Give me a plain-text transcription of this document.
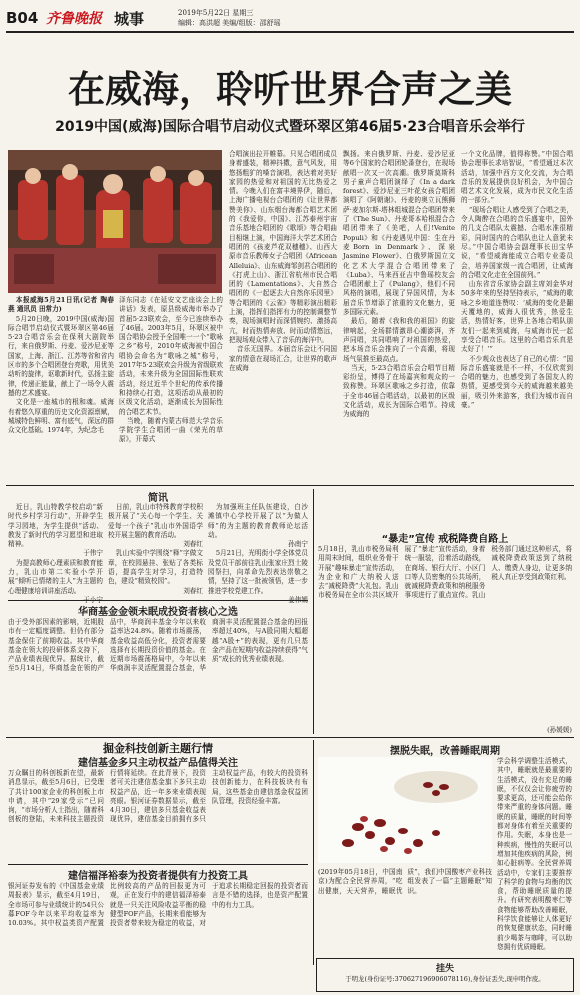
B04 齐鲁晚报 城事	2019年5月22日 星期三
编辑：高洪超 美编/组版：邵舒瑶
在威海，聆听世界合声之美
2019中国(威海)国际合唱节启动仪式暨环翠区第46届5·23合唱音乐会举行

本报威海5月21日讯(记者 陶春燕 通讯员 田常力)

5月20日晚，2019中国(威海)国际合唱节启动仪式暨环翠区第46届5·23合唱音乐会在保利大剧院举行，来自俄罗斯、丹麦、爱沙尼亚等国家，上海、浙江、江苏等省和省内区市的多个合唱团登台亮歌，用优美动听的旋律，讴歌新时代，弘扬主旋律，传递正能量，献上了一场令人震撼的艺术盛宴。

文化是一座城市的根和魂。威海有着悠久厚重的历史文化资源禀赋，城城特色鲜明、富有底气，深远的群众文化基础。1974年，为纪念毛

泽东同志《在延安文艺座谈会上的讲话》发表，原县级威海市举办了首届5·23联欢会，至今已连续举办了46届。2003年5月，环翠区被中国合唱协会授予全国唯一一个“歌咏之乡”称号，2010年威海被中国合唱协会命名为“歌咏之城”称号，2017年5·23联欢会升级为省级联欢活动，未来升级为全国国际性联欢活动，经过近半个世纪的传承传播和持续心打造，这项活动从最初的区级文化活动，逐渐成长为国际性的合唱艺术节。

当晚，随着内蒙古师范大学音乐学院学生合唱团一曲《荣光的草原》，开幕式

合唱演出拉开帷幕。只见合唱团成员身着盛装，精神抖擞，意气风发，用悠扬粗犷的嗓音演唱，表达着对美好家园的热爱和对祖国的无比热爱之情。今晚入们在富丰境界伊，随后，上海广播电视台合唱团的《让世界都赞美你》、山东烟台海都合唱艺术团的《我爱你，中国》、江苏泰州宇宙音乐基地合唱团的《歌颂》等合唱曲目相继上演，中国海洋大学艺术团合唱团的《孩麦芦花双穗穗》、山西大原市音乐教师女子合唱团《Africean Alleluia》、山东威海邹剑君合唱团的《打虎上山》、浙江省杭州市民合唱团的《Lamentations》、大自然合唱团的《一起逐去大自然你乐园里》等合唱团的《云雀》等精彩演出精彩上演，指挥们指挥有力的控制调整节奏，现场演唱时而深情婉约、激扬高亢，时而热情奔放、时而动情悠远，把现场观众带入了音乐的海洋中。

音乐无国界。本届音乐会让不同国家的情意在现场汇合，让世界的歌声在威海

飘扬。来自俄罗斯、丹麦、爱沙尼亚等6个国家的合唱团轮番登台，在现场献唱一次又一次高潮。俄罗斯莫斯科男子童声合唱团演绎了《In a dark forest》、爱沙尼亚三叶花女孩合唱团演唱了《阿朝谢》、丹麦的奥立瓦熊狮萨·麦加尔斯-塔林组城混合合唱团带来了《The Sun》、丹麦哥本哈根混合合唱团带来了《美吧，人们!Venite Populi》和《丹麦遇见中国：生在丹麦Born in Denmark》、深泉Jasmine Flower》、白俄罗斯国立文化艺术大学混合合唱团带来了《Luba》、马来西亚吉中鲁瑶校友会合唱团献上了《Pulang》，他们不同风格的演唱，展现了异国风情，为本届音乐节增添了浓重的文化魅力，更多国际元素。

最后，随着《我和我的祖国》的旋律响起，全场群情激昂心潮澎湃，齐声同唱，共同唱响了对祖国的热爱，把本场音乐会推向了一个高潮，将现场气氛推至最高点。

当天，5·23合唱音乐会合唱节目精彩纷呈，博得了在场嘉宾和观众的一致称赞。环翠区歌咏之乡打造，依靠于全市46届合唱活动，以最初的区级文化活动，成长为国际合唱节。持成为威海的

一个文化品牌，值得称赞。”中国合唱协会理事长求培智说，“希望通过本次活动，加强中西方文化交流，为合唱音乐的发展提供良好机会，为中国合唱艺术文化发展，成为市民文化生活的一部分。”

“现场合唱让人感受到了合唱之美，令人陶醉在合唱的音乐盛宴中，国外的几支合唱队太震撼、合唱水准很精彩，同时国内的合唱队也让人意犹未尽。”中国合唱协会副理事长田宝华说，“希望威海能成立合唱专业委员会，培养国家级一流合唱团，让威海的合唱文化走在全国前列。”

山东省音乐家协会副主席刘金华对50多年来的坚持坚持表示，“威海的歌咏之乡地道连赞叹：‘威海的变化是翻天覆地的，威海人很优秀，热爱生活，热情好客，世界上各地合唱队朋友们一起来到威海，与威海市民一起享受合唱音乐。这里的合唱音乐真是太好了！’”

不少观众也表达了自己的心情：“国际音乐盛宴就是不一样，不仅欣赏到合唱的魅力，也感受到了各国友人的热情，更感受到今天的威海越来越美丽，吸引外来游客，我们为城市而自豪。”

简讯

近日，乳山特教学校启动“新时代乡村学习行动”，开辟学生学习园地，为学生提供“活动、教发了新时代的学习愿望和进取精神。

于伟宁

为提高教师心理素质和教育能力，乳山市第二实验小学开展“倾听已情绪的主人”为主题的心理健康培训讲座活动。

日前，乳山市特殊教育学校积极开展了“关心每一个学生、关爱每一个孩子”乳山市外国语学校开展主题的教育活动。

刘春红

乳山实验中学围绕“释”字做文章，在校园悬挂、张贴了各类标语，提高学生对学习，打造特色，建设“精致校园”。

刘春红

为加强班主任队伍建设，白沙滩镇中心学校开展了以“为做人师”的为主题的教育教师论坛活动。

孙南宁

5月21日，光明街小学全体党员及党员干部前往乳山张家庄烈士陵园祭扫，向革命先烈表达崇敬之情，坚持了这一批被领悟，进一步推进学校党建工作。

华商基金金领未眠成投资者核心之选
由于受外部因素的影响，近期股市有一定幅度调整。但仍有部分基金保住了前期收益。其中华商基金在领大的投研体系支持下，产品业绩表现优异。据统计，截至5月14日，华商基金在领的产品中，华商润丰基金今年以来收益率达24.8%。随着市场震荡，基金收益高低分化，投资者需要选择有长期投资价值的基金。在近期市场震荡格局中，今年以来华商润丰灵活配置混合基金，华商润丰灵活配置混合基金的回报率超过40%，与A股同期大幅超越“A股+”的表现，更有几只基金产品在短期内收益持续获得“气质”成长的优秀业绩表现。
“暴走”宣传 戒税降费自路上
5月18日，乳山市税务局利用周末时间，组织业务骨干开展“趣味暴走”宣传活动，为企业和广大纳税人送去“减税降费”大礼包。乳山市税务局在全市公共区域开展了“暴走”宣传活动，身着统一服装，沿着活动路线，在商场、银行大厅、小区门口等人员密集的公共场所，就减税降费政策和纳税服务事项进行了重点宣传。乳山税务部门通过这种形式，将减税降费政策送到了纳税人、缴费人身边，让更多纳税人真正享受到政策红利。
(孙媛媛)
掘金科技创新主题行情
建信基金多只主动权益产品值得关注
万众瞩目的科创板新在望，最新消息显示，截至5月6日，已受理了共计100家企业的科创板上市申请，其中“29家受示”已问询，“市场分析人士指出，随着科创板的登陆，未来科技主题投资行情将延续。在此背景下，投资者可关注建信基金旗下多只主动权益产品，近一年多来业绩表现亮眼。银河证券数据显示，截至4月30日，建信多只基金收益表现优异，建信基金目前拥有多只主动权益产品，有较大的投资科技创新能力，在科技板块有布局，这些基金由建信基金权益团队管理，投资经验丰富。
建信福泽裕泰为投资者提供有力投资工具
银河证券发布的《中国基金业绩周报表》显示，截至4月19日，全市场可参与业绩统计的54只公募FOF今年以来平均收益率为10.03%。其中权益类资产配置比例较高的产品的回报更为可观，正在发行中的建信福泽裕泰就是一只关注风险收益平衡的稳健型FOF产品，长期来看能够为投资者带来较为稳定的收益，对于追求长期稳定回报的投资者而言是不错的选择，也是资产配置中的有力工具。
摆脱失眠，改善睡眠周期
学会科学调整生活模式，其中，睡眠就是最重要的生活模式，没有充足的睡眠，不仅仅会让你疲劳的要求更高，还可能会给你带来严重的身体问题。睡眠的质量，睡眠的时间等都对身体有着至关重要的作用。失眠，本身也是一种疾病，慢性的失眠可以增加其他疾病的风险，例如心脏病等。全民营养周活动中，专家们主要推荐了科学的食物与均衡的饮食，帮助睡眠质量的提升。有研究表明酸枣仁等食物能够帮助改善睡眠，科学饮食能够让人体更好的恢复健康状态，同时睡前少喝茶与咖啡，可以助您拥有优质睡眠。
(2019年05月18日，中国南京)为配合全民营养周，“吃出健康，天天营养，睡眠优质”，我们中国酸枣产业科技组发表了一篇“主题睡眠”知识。
挂失
于明龙(身份证号:370627196906078116),身份证丢失,现申明作废。
